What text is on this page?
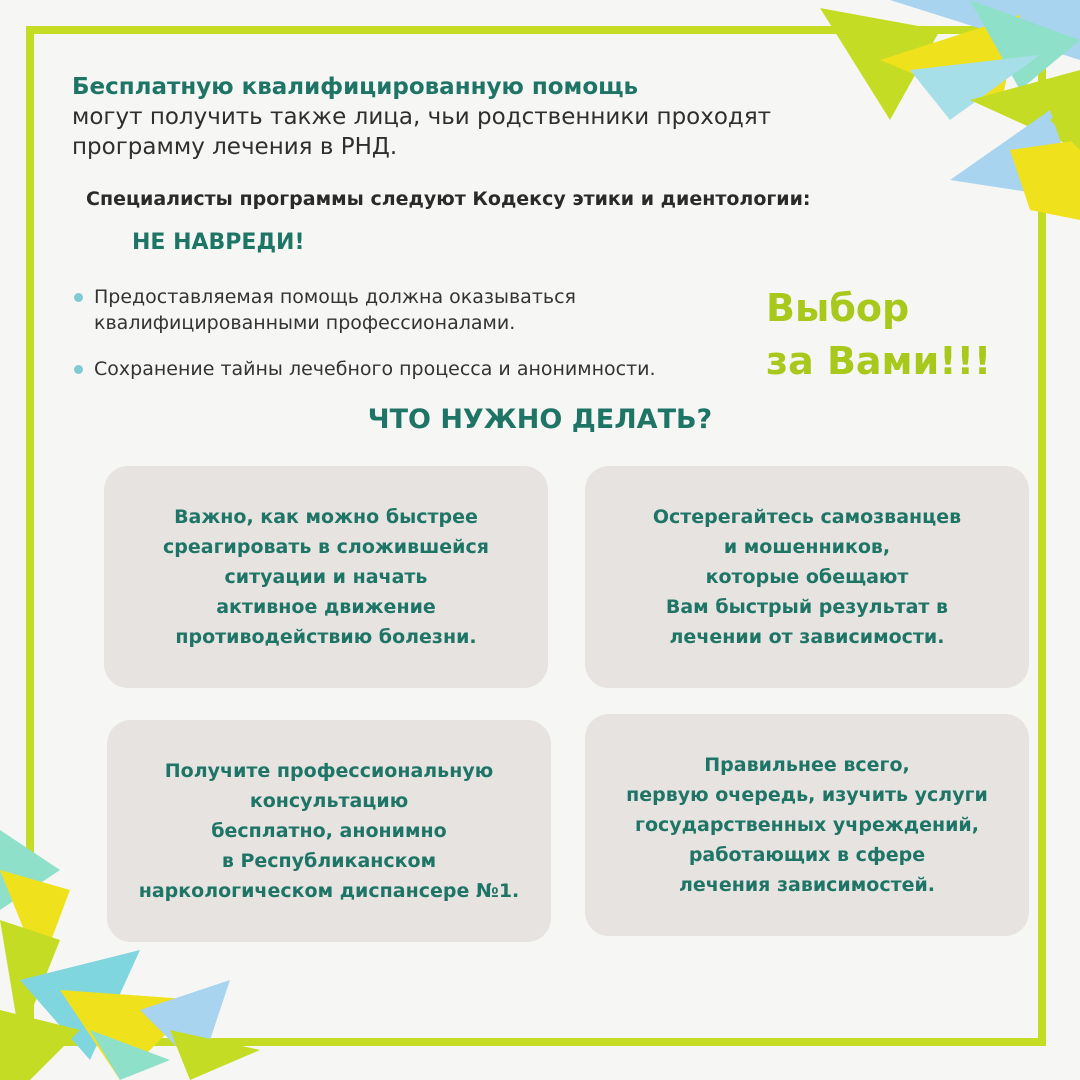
Бесплатную квалифицированную помощь
могут получить также лица, чьи родственники проходят
программу лечения в РНД.
Специалисты программы следуют Кодексу этики и диентологии:
НЕ НАВРЕДИ!
Предоставляемая помощь должна оказываться
квалифицированными профессионалами.
Сохранение тайны лечебного процесса и анонимности.
Выбор
за Вами!!!
ЧТО НУЖНО ДЕЛАТЬ?
Важно, как можно быстрее
среагировать в сложившейся
ситуации и начать
активное движение
противодействию болезни.
Остерегайтесь самозванцев
и мошенников,
которые обещают
Вам быстрый результат в
лечении от зависимости.
Получите профессиональную
консультацию
бесплатно, анонимно
в Республиканском
наркологическом диспансере №1.
Правильнее всего,
первую очередь, изучить услуги
государственных учреждений,
работающих в сфере
лечения зависимостей.
